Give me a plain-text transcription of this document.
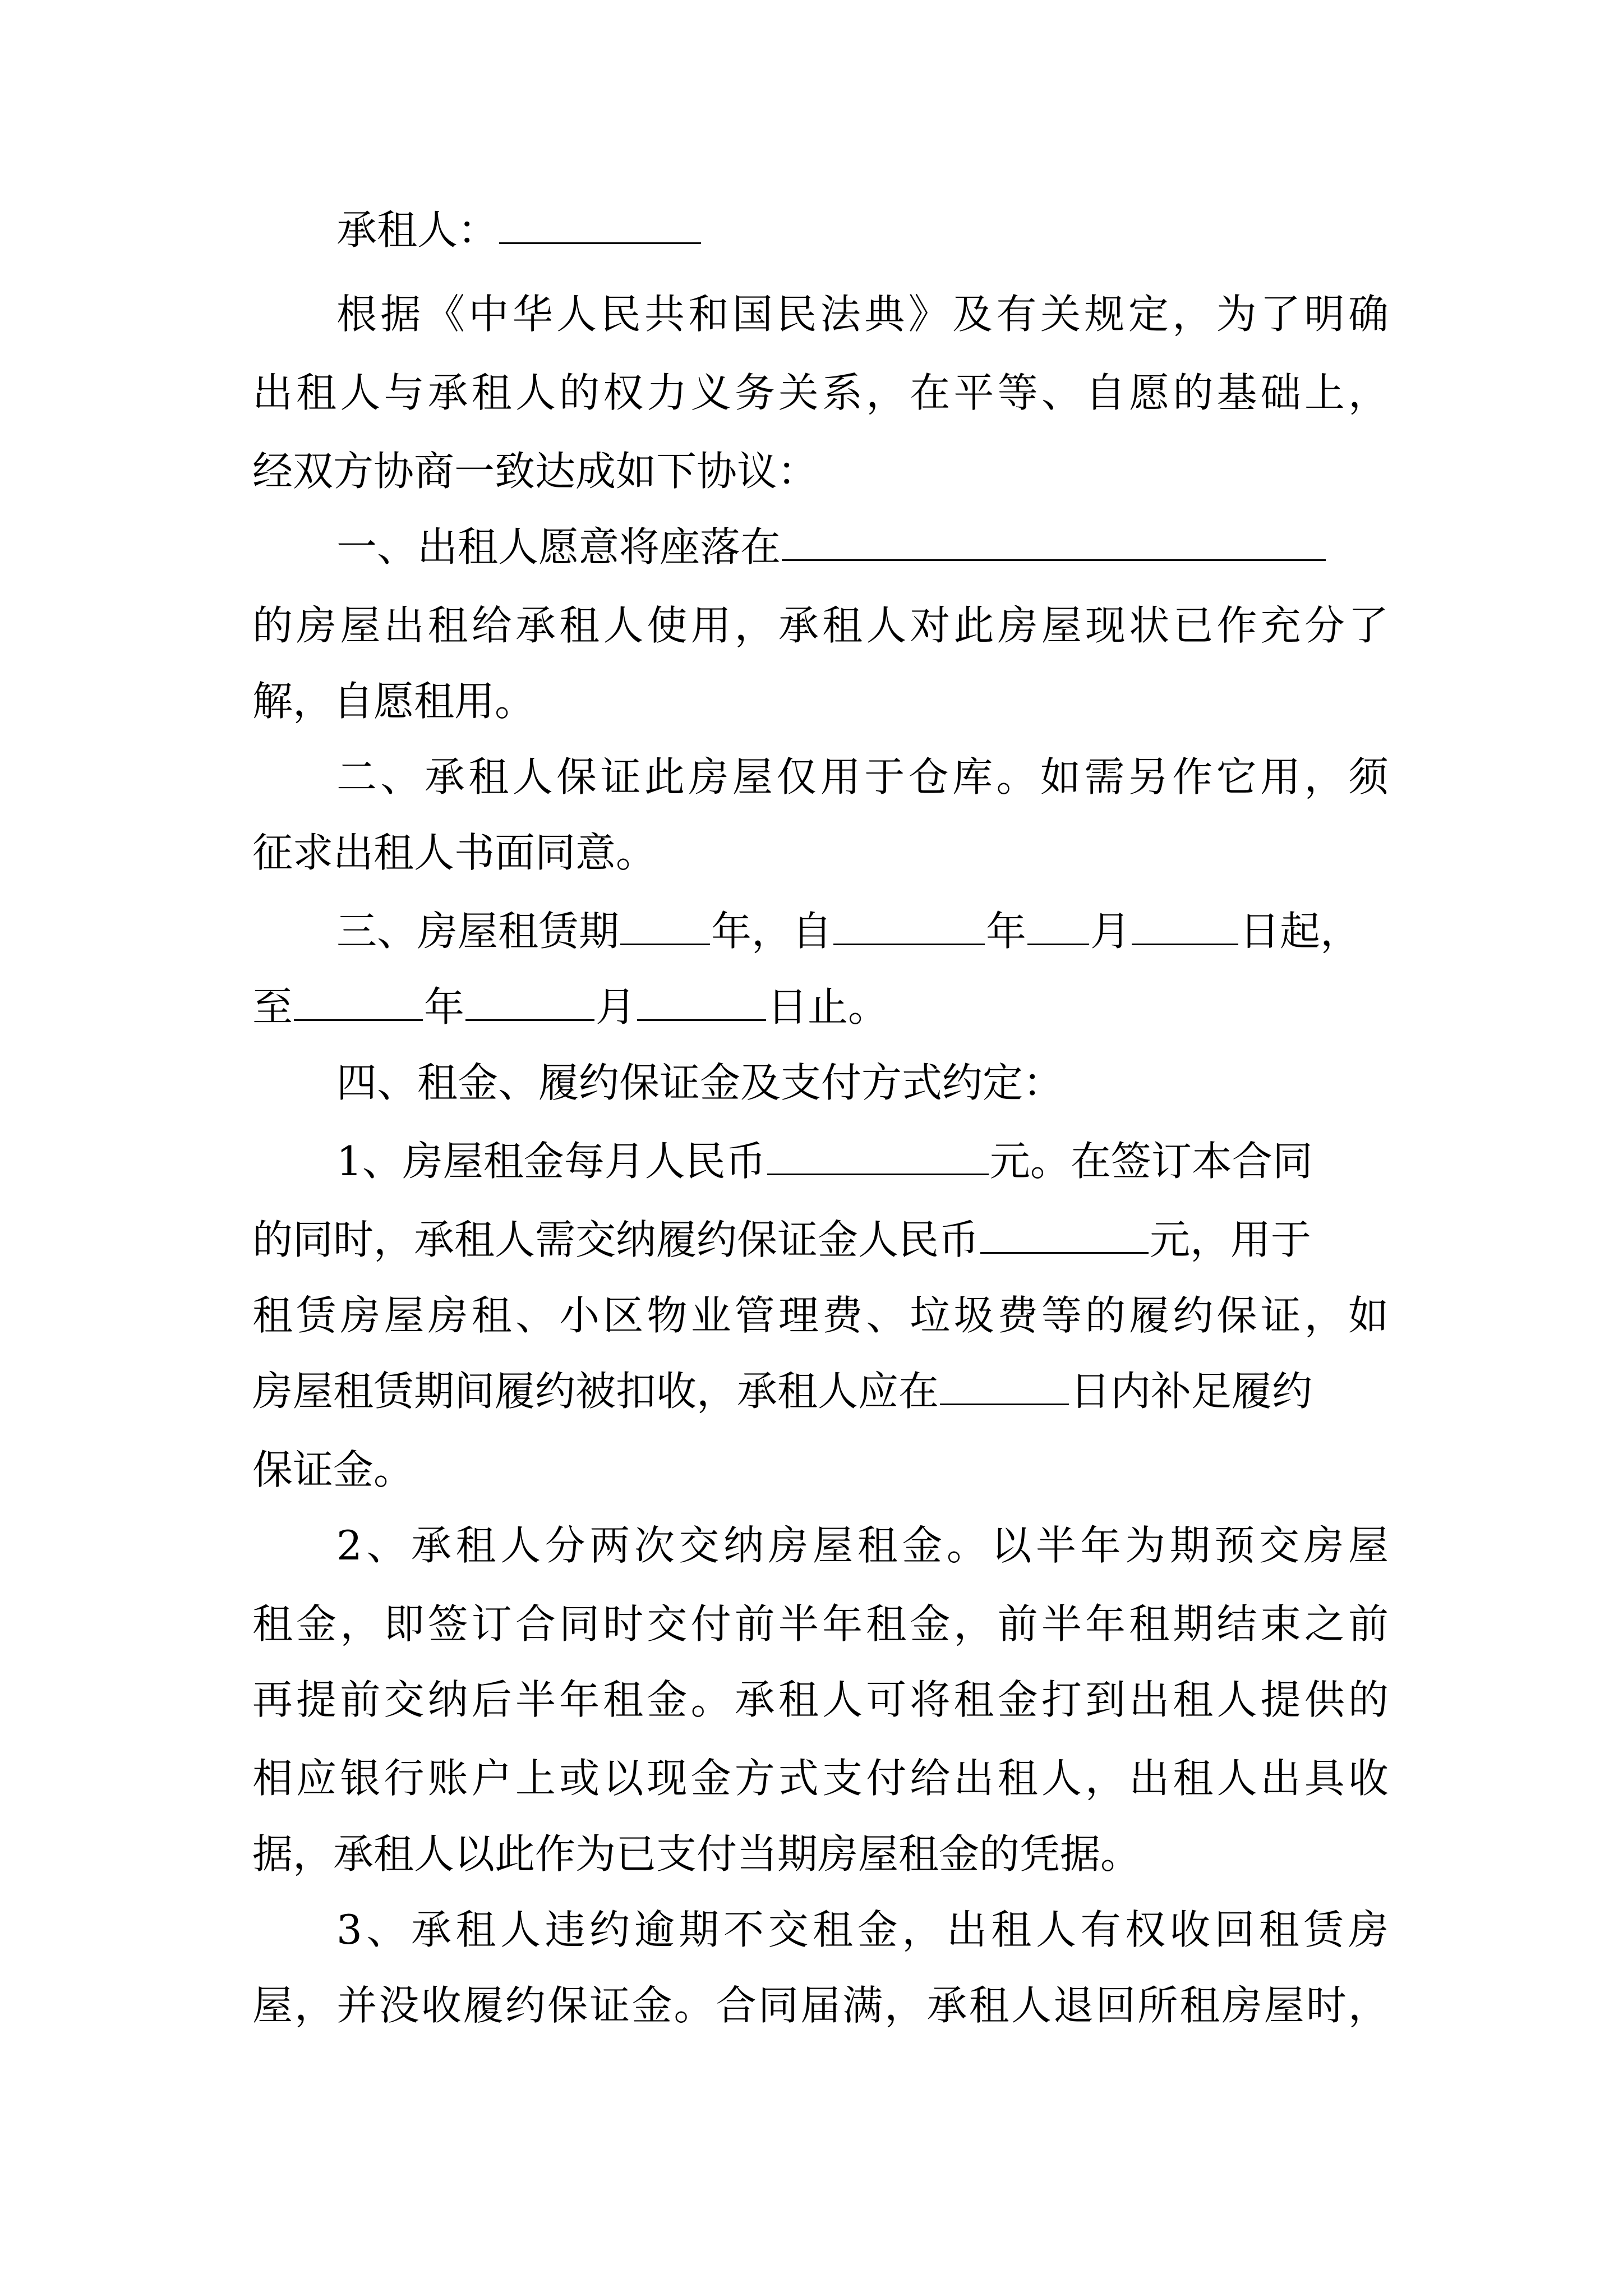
承租人：
根据《中华人民共和国民法典》及有关规定，为了明确
出租人与承租人的权力义务关系，在平等、自愿的基础上，
经双方协商一致达成如下协议：
一、出租人愿意将座落在
的房屋出租给承租人使用，承租人对此房屋现状已作充分了
解，自愿租用。
二、承租人保证此房屋仅用于仓库。如需另作它用，须
征求出租人书面同意。
三、房屋租赁期 年，自	年 月	日起，
至	年	月	日止。
四、租金、履约保证金及支付方式约定：
1、房屋租金每月人民币	元。在签订本合同
的同时，承租人需交纳履约保证金人民币	元，用于
租赁房屋房租、小区物业管理费、垃圾费等的履约保证，如
房屋租赁期间履约被扣收，承租人应在	日内补足履约
保证金。
2、承租人分两次交纳房屋租金。以半年为期预交房屋
租金，即签订合同时交付前半年租金，前半年租期结束之前
再提前交纳后半年租金。承租人可将租金打到出租人提供的
相应银行账户上或以现金方式支付给出租人，出租人出具收
据，承租人以此作为已支付当期房屋租金的凭据。
3、承租人违约逾期不交租金，出租人有权收回租赁房
屋，并没收履约保证金。合同届满，承租人退回所租房屋时，
